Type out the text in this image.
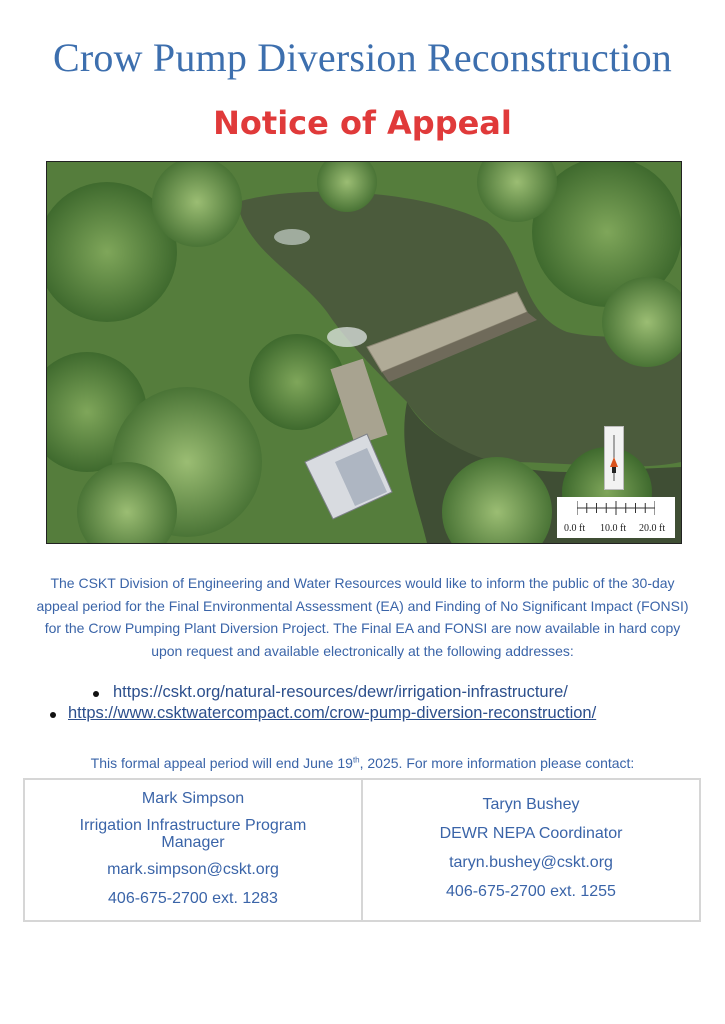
Crow Pump Diversion Reconstruction
Notice of Appeal
0.0 ft 10.0 ft 20.0 ft

The CSKT Division of Engineering and Water Resources would like to inform the public of the 30-day appeal period for the Final Environmental Assessment (EA) and Finding of No Significant Impact (FONSI) for the Crow Pumping Plant Diversion Project. The Final EA and FONSI are now available in hard copy upon request and available electronically at the following addresses:

https://cskt.org/natural-resources/dewr/irrigation-infrastructure/
https://www.csktwatercompact.com/crow-pump-diversion-reconstruction/

This formal appeal period will end June 19th, 2025. For more information please contact:

Mark Simpson

Irrigation Infrastructure Program
Manager

mark.simpson@cskt.org

406-675-2700 ext. 1283

Taryn Bushey

DEWR NEPA Coordinator

taryn.bushey@cskt.org

406-675-2700 ext. 1255
